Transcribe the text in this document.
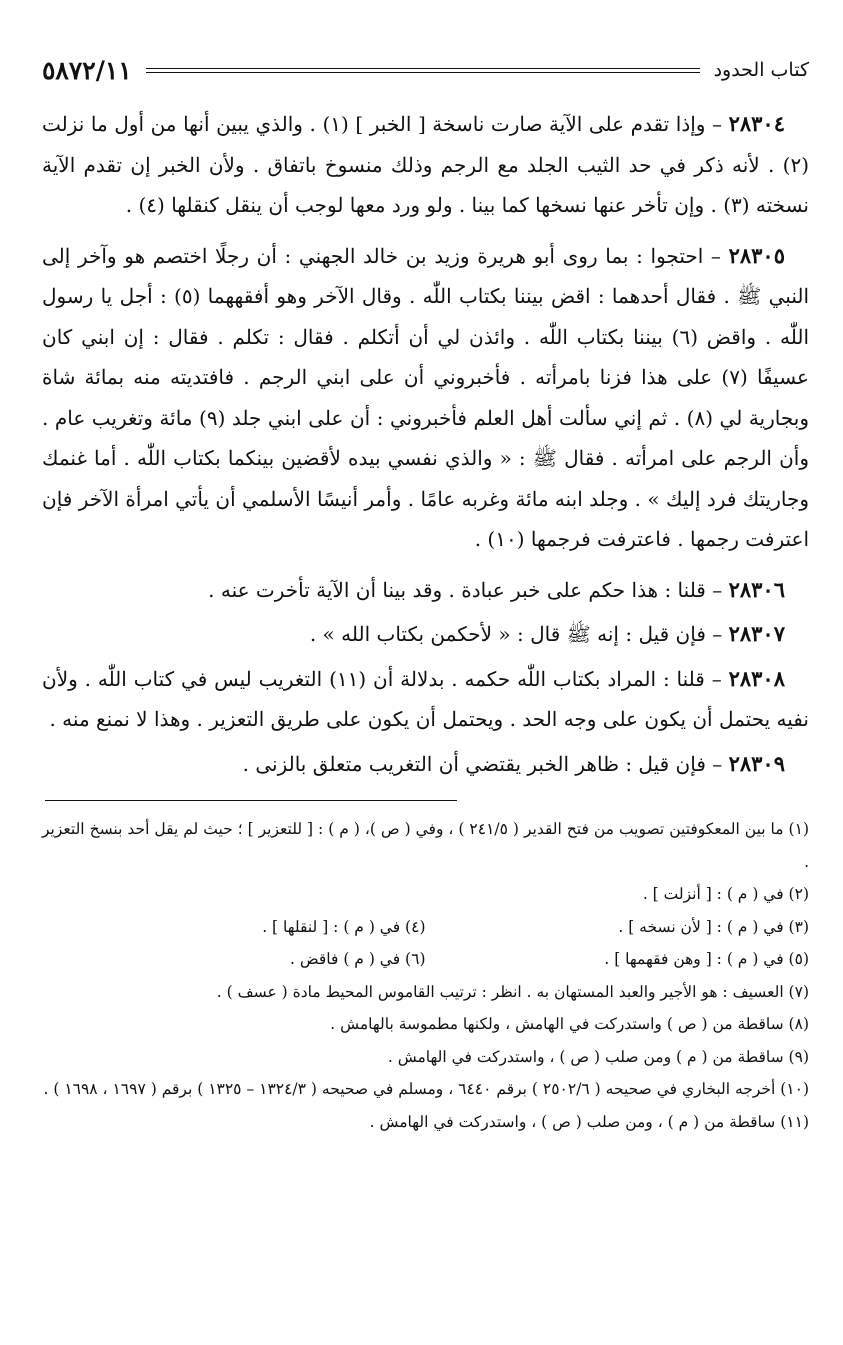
٥٨٧٢/١١	كتاب الحدود

٢٨٣٠٤ – وإذا تقدم على الآية صارت ناسخة [ الخبر ] (١) . والذي يبين أنها من أول ما نزلت (٢) . لأنه ذكر في حد الثيب الجلد مع الرجم وذلك منسوخ باتفاق . ولأن الخبر إن تقدم الآية نسخته (٣) . وإن تأخر عنها نسخها كما بينا . ولو ورد معها لوجب أن ينقل كنقلها (٤) .

٢٨٣٠٥ – احتجوا : بما روى أبو هريرة وزيد بن خالد الجهني : أن رجلًا اختصم هو وآخر إلى النبي ﷺ . فقال أحدهما : اقض بيننا بكتاب اللّٰه . وقال الآخر وهو أفقههما (٥) : أجل يا رسول اللّٰه . واقض (٦) بيننا بكتاب اللّٰه . وائذن لي أن أتكلم . فقال : تكلم . فقال : إن ابني كان عسيفًا (٧) على هذا فزنا بامرأته . فأخبروني أن على ابني الرجم . فافتديته منه بمائة شاة وبجارية لي (٨) . ثم إني سألت أهل العلم فأخبروني : أن على ابني جلد (٩) مائة وتغريب عام . وأن الرجم على امرأته . فقال ﷺ : « والذي نفسي بيده لأقضين بينكما بكتاب اللّٰه . أما غنمك وجاريتك فرد إليك » . وجلد ابنه مائة وغربه عامًا . وأمر أنيسًا الأسلمي أن يأتي امرأة الآخر فإن اعترفت رجمها . فاعترفت فرجمها (١٠) .

٢٨٣٠٦ – قلنا : هذا حكم على خبر عبادة . وقد بينا أن الآية تأخرت عنه .

٢٨٣٠٧ – فإن قيل : إنه ﷺ قال : « لأحكمن بكتاب الله » .

٢٨٣٠٨ – قلنا : المراد بكتاب اللّٰه حكمه . بدلالة أن (١١) التغريب ليس في كتاب اللّٰه . ولأن نفيه يحتمل أن يكون على وجه الحد . ويحتمل أن يكون على طريق التعزير . وهذا لا نمنع منه .

٢٨٣٠٩ – فإن قيل : ظاهر الخبر يقتضي أن التغريب متعلق بالزنى .

(١) ما بين المعكوفتين تصويب من فتح القدير ( ٢٤١/٥ ) ، وفي ( ص )، ( م ) : [ للتعزير ] ؛ حيث لم يقل أحد بنسخ التعزير .

(٢) في ( م ) : [ أنزلت ] .

(٣) في ( م ) : [ لأن نسخه ] .

(٤) في ( م ) : [ لنقلها ] .

(٥) في ( م ) : [ وهن فقهمها ] .

(٦) في ( م ) فاقض .

(٧) العسيف : هو الأجير والعبد المستهان به . انظر : ترتيب القاموس المحيط مادة ( عسف ) .

(٨) ساقطة من ( ص ) واستدركت في الهامش ، ولكنها مطموسة بالهامش .

(٩) ساقطة من ( م ) ومن صلب ( ص ) ، واستدركت في الهامش .

(١٠) أخرجه البخاري في صحيحه ( ٢٥٠٢/٦ ) برقم ٦٤٤٠ ، ومسلم في صحيحه ( ١٣٢٤/٣ – ١٣٢٥ ) برقم ( ١٦٩٧ ، ١٦٩٨ ) .

(١١) ساقطة من ( م ) ، ومن صلب ( ص ) ، واستدركت في الهامش .
